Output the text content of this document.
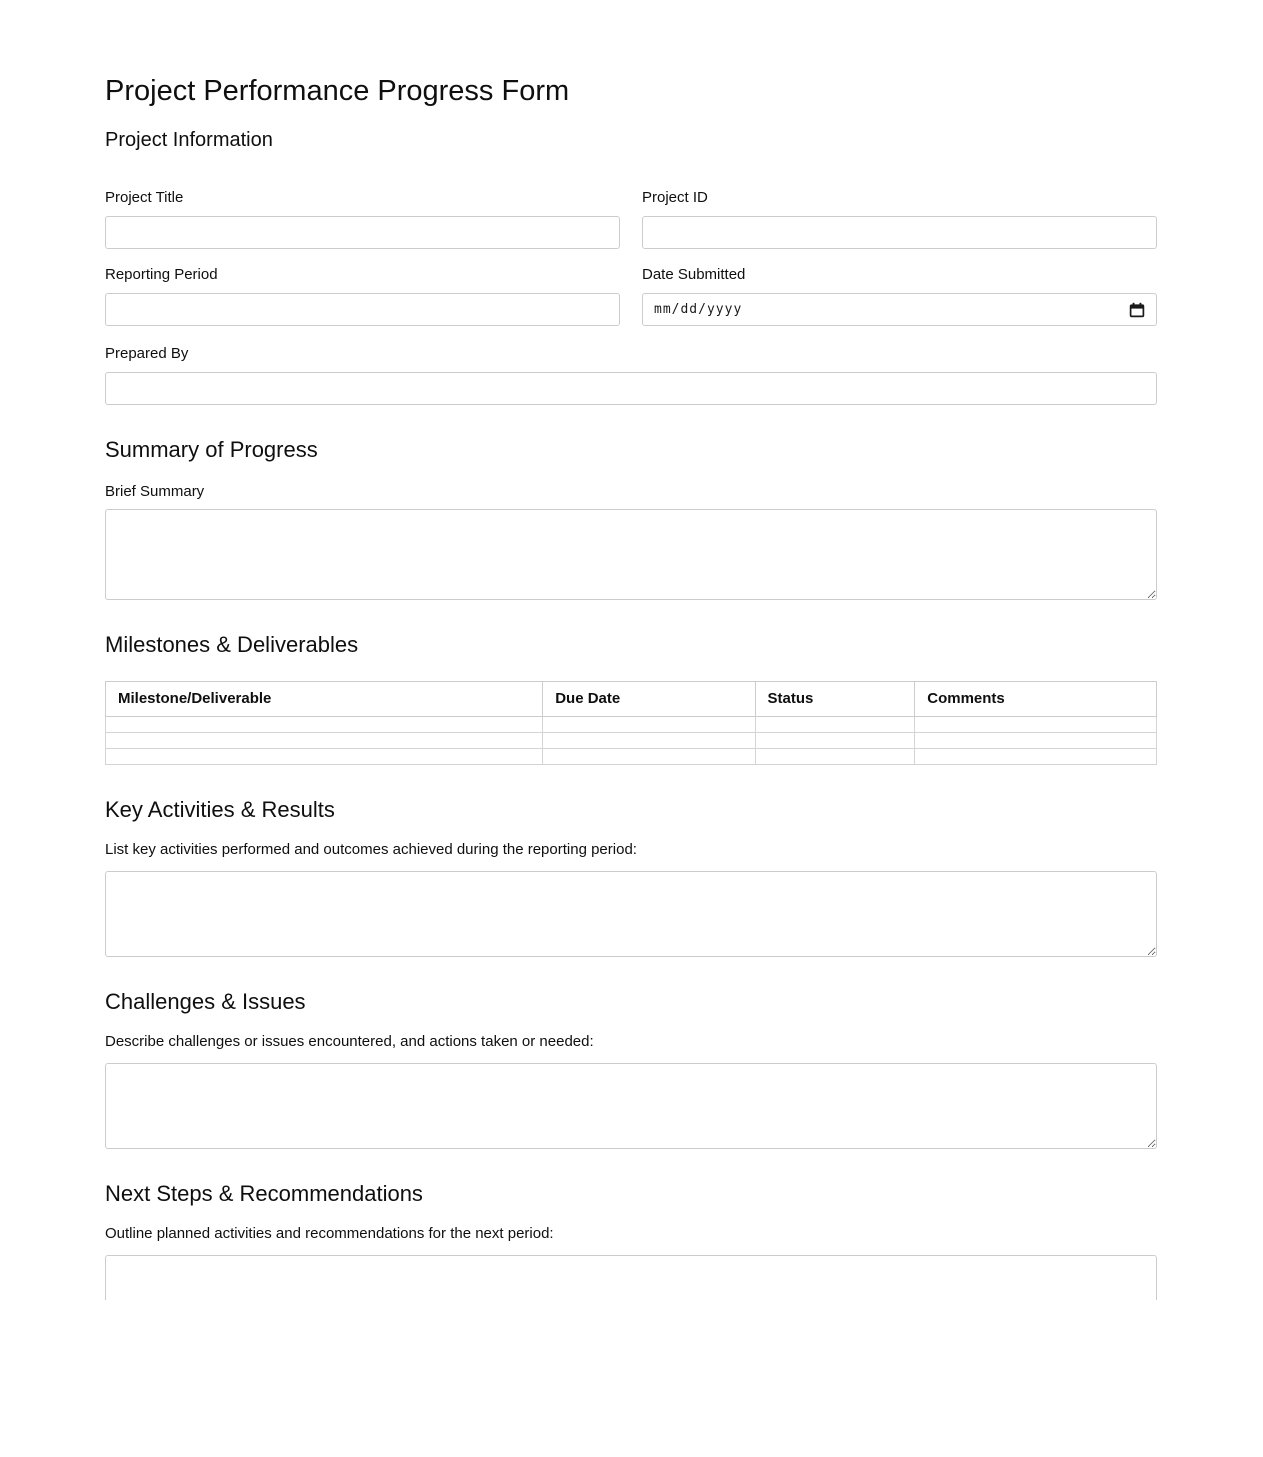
Project Performance Progress Form
Project Information
Project Title	Project ID
Reporting Period	Date Submitted
mm/dd/yyyy
Prepared By
Summary of Progress
Brief Summary
Milestones & Deliverables
Milestone/Deliverable	Due Date	Status	Comments

Key Activities & Results

List key activities performed and outcomes achieved during the reporting period:

Challenges & Issues

Describe challenges or issues encountered, and actions taken or needed:

Next Steps & Recommendations

Outline planned activities and recommendations for the next period:
